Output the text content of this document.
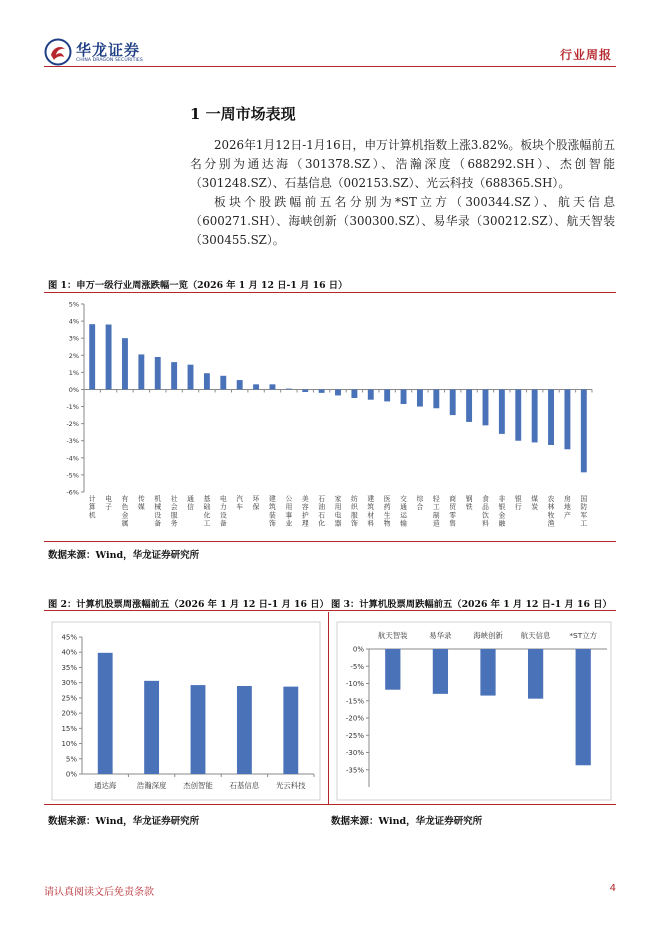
华龙证券
CHINA DRAGON SECURITIES	行业周报
1 一周市场表现
2026年1月12日-1月16日，申万计算机指数上涨3.82%。板块个股涨幅前五名分别为通达海（301378.SZ）、浩瀚深度（688292.SH）、杰创智能（301248.SZ）、石基信息（002153.SZ）、光云科技（688365.SH）。
板块个股跌幅前五名分别为*ST立方（300344.SZ）、航天信息（600271.SH）、海峡创新（300300.SZ）、易华录（300212.SZ）、航天智装（300455.SZ）。
图 1：申万一级行业周涨跌幅一览（2026 年 1 月 12 日-1 月 16 日）
5%
4%
3%
2%
1%
0%
-1%
-2%
-3%
-4%
-5%
-6%
计算机
电子
有色金属
传媒
机械设备
社会服务
通信
基础化工
电力设备
汽车
环保
建筑装饰
公用事业
美容护理
石油石化
家用电器
纺织服饰
建筑材料
医药生物
交通运输
综合
轻工制造
商贸零售
钢铁
食品饮料
非银金融
银行
煤炭
农林牧渔
房地产
国防军工
数据来源：Wind，华龙证券研究所
图 2：计算机股票周涨幅前五（2026 年 1 月 12 日-1 月 16 日） 图 3：计算机股票周跌幅前五（2026 年 1 月 12 日-1 月 16 日）
0%
5%
10%
15%
20%
25%
30%
35%
40%
45%
通达海	浩瀚深度 杰创智能 石基信息 光云科技
0%
-5%
-10%
-15%
-20%
-25%
-30%
-35%
航天智装	易华录	海峡创新 航天信息	*ST立方
数据来源：Wind，华龙证券研究所	数据来源：Wind，华龙证券研究所
请认真阅读文后免责条款	4
